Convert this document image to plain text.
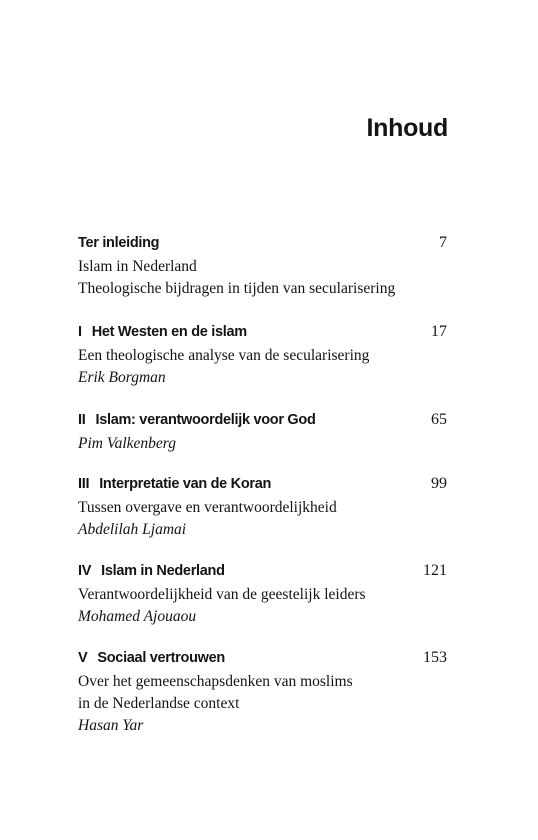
Inhoud
Ter inleiding	7
Islam in Nederland
Theologische bijdragen in tijden van secularisering
I Het Westen en de islam	17
Een theologische analyse van de secularisering
Erik Borgman
II Islam: verantwoordelijk voor God	65
Pim Valkenberg
III Interpretatie van de Koran	99
Tussen overgave en verantwoordelijkheid
Abdelilah Ljamai
IV Islam in Nederland	121
Verantwoordelijkheid van de geestelijk leiders
Mohamed Ajouaou
V Sociaal vertrouwen	153
Over het gemeenschapsdenken van moslims
in de Nederlandse context
Hasan Yar
